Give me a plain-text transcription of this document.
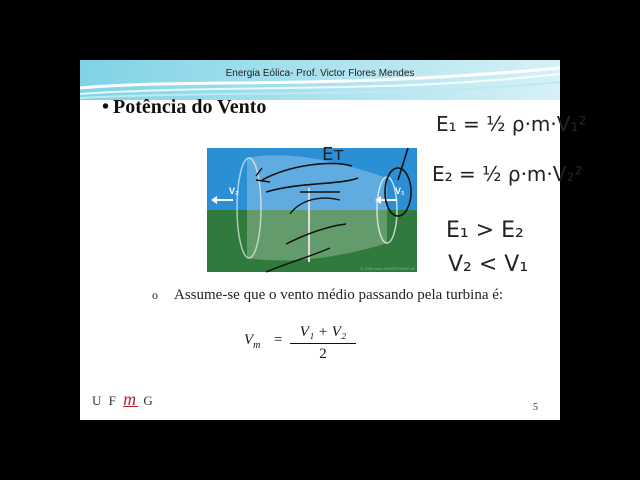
Energia Eólica- Prof. Victor Flores Mendes
• Potência do Vento
V₂	V₁
© 1996 www.WINDPOWER.dk
o Assume-se que o vento médio passando pela turbina é:
$V_m = \frac{\text{V₁ + V₂}}{2}$
U F m G	5
E₁ = ½ ρ·m·V₁²
E₂ = ½ ρ·m·V₂²
E₁ > E₂
V₂ < V₁
Eᴛ
